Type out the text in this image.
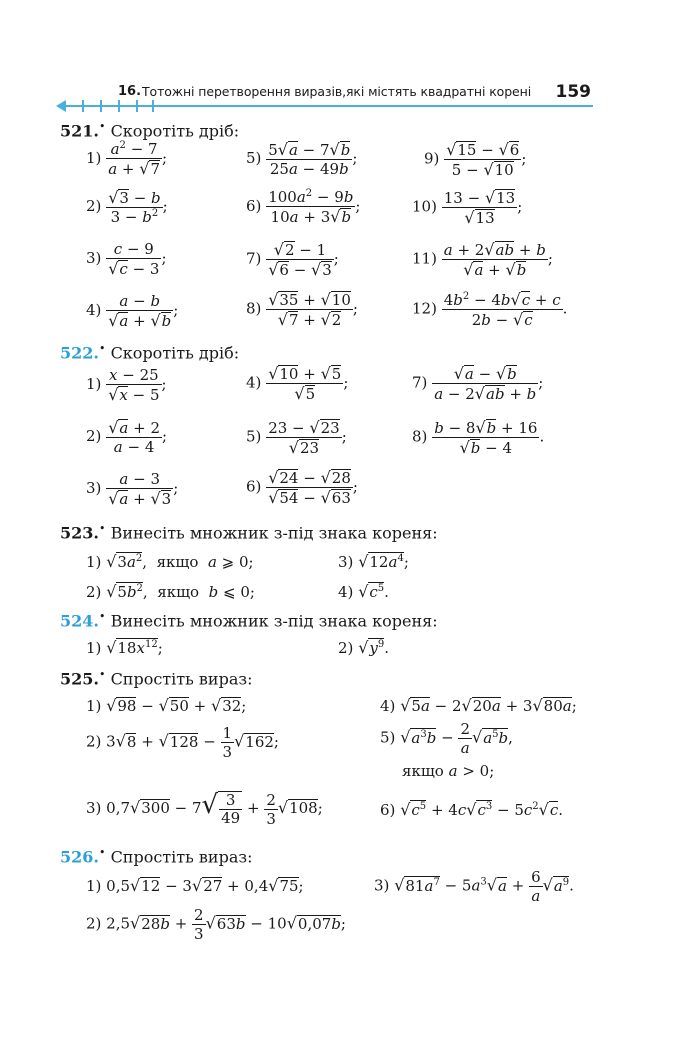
16. Тотожні перетворення виразів,які містять квадратні корені 159
521.• Скоротіть дріб:
$1) \frac{a^2 - 7}{a + √7}$ ;	$5) \frac{5√a - 7√b}{25a - 49b}$ ;	$9) \frac{√15 - √6}{5 - √10}$ ;
$2) \frac{√3 - b}{3 - b^2}$ ;	$6) \frac{100a^2 - 9b}{10a + 3√b}$ ;	$10) \frac{13 - √13}{√13}$ ;
$3) \frac{c - 9}{√c - 3}$ ;	$7) \frac{√2 - 1}{√6 - √3}$ ;	$11) \frac{a + 2√ab + b}{√a + √b}$ ;
$4) \frac{a - b}{√a + √b}$ ;	$8) \frac{√35 + √10}{√7 + √2}$ ;	$12) \frac{4b^2 - 4b√c + c}{2b - √c}$ .
522.• Скоротіть дріб:
$1) \frac{x - 25}{√x - 5}$ ;	$4) \frac{√10 + √5}{√5}$ ;	$7) \frac{√a - √b}{a - 2√ab + b}$ ;
$2) \frac{√a + 2}{a - 4}$ ;	$5) \frac{23 - √23}{√23}$ ;	$8) \frac{b - 8√b + 16}{√b - 4}$ .
$3) \frac{a - 3}{√a + √3}$ ;	$6) \frac{√24 - √28}{√54 - √63}$ ;
523.• Винесіть множник з-під знака кореня:
1) $√3a^2$,  якщо a ⩾ 0;	3) $√12a^4$;
2) $√5b^2$,  якщо b ⩽ 0;	4) $√c^5$.
524.• Винесіть множник з-під знака кореня:
1) $√18x^{12}$;	2) $√y^9$.
525.• Спростіть вираз:
1) √98 − √50 + √32;	4) √5a − 2√20a + 3√80a;
2) $3√8 + √128 - \frac{1}{3} √162$;	5) $√a^3b - \frac{2}{a} √a^5b$,
якщо a > 0;
3) $0,7√300 - 7√ \frac{3}{49} + \frac{2}{3} √108$;	6) $√c^5 + 4c√c^3 - 5c^2√c$.
526.• Спростіть вираз:
1) 0,5√12 − 3√27 + 0,4√75;	3) $√81a^7 - 5a^3√a + \frac{6}{a} √a^9$.
2) $2,5√28b + \frac{2}{3} √63b - 10√0,07b$;
